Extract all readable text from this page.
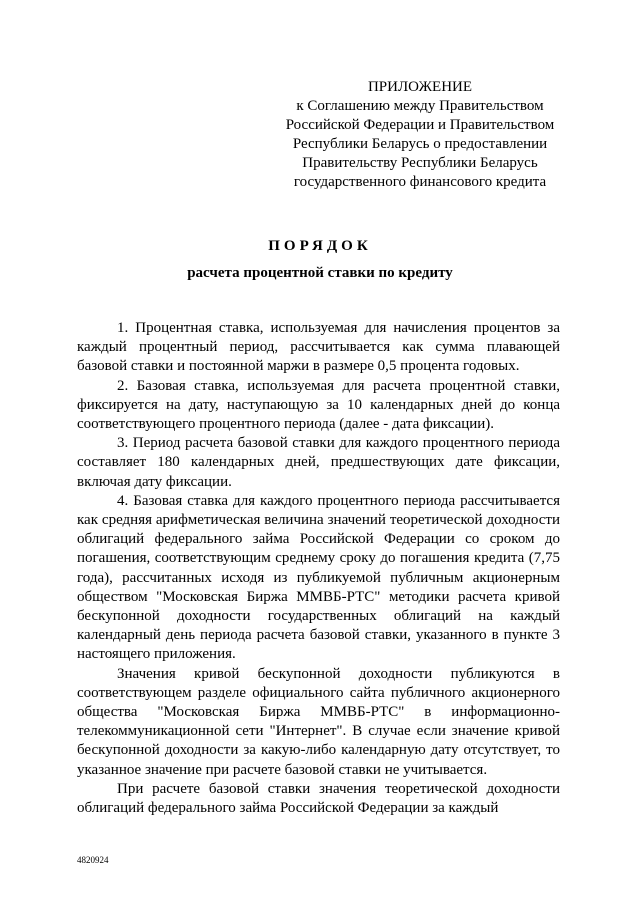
ПРИЛОЖЕНИЕ
к Соглашению между Правительством
Российской Федерации и Правительством
Республики Беларусь о предоставлении
Правительству Республики Беларусь
государственного финансового кредита
ПОРЯДОК
расчета процентной ставки по кредиту

1. Процентная ставка, используемая для начисления процентов за каждый процентный период, рассчитывается как сумма плавающей базовой ставки и постоянной маржи в размере 0,5 процента годовых.

2. Базовая ставка, используемая для расчета процентной ставки, фиксируется на дату, наступающую за 10 календарных дней до конца соответствующего процентного периода (далее - дата фиксации).

3. Период расчета базовой ставки для каждого процентного периода составляет 180 календарных дней, предшествующих дате фиксации, включая дату фиксации.

4. Базовая ставка для каждого процентного периода рассчитывается как средняя арифметическая величина значений теоретической доходности облигаций федерального займа Российской Федерации со сроком до погашения, соответствующим среднему сроку до погашения кредита (7,75 года), рассчитанных исходя из публикуемой публичным акционерным обществом "Московская Биржа ММВБ-РТС" методики расчета кривой бескупонной доходности государственных облигаций на каждый календарный день периода расчета базовой ставки, указанного в пункте 3 настоящего приложения.

Значения кривой бескупонной доходности публикуются в соответствующем разделе официального сайта публичного акционерного общества "Московская Биржа ММВБ-РТС" в информационно-телекоммуникационной сети "Интернет". В случае если значение кривой бескупонной доходности за какую-либо календарную дату отсутствует, то указанное значение при расчете базовой ставки не учитывается.

При расчете базовой ставки значения теоретической доходности облигаций федерального займа Российской Федерации за каждый

4820924
